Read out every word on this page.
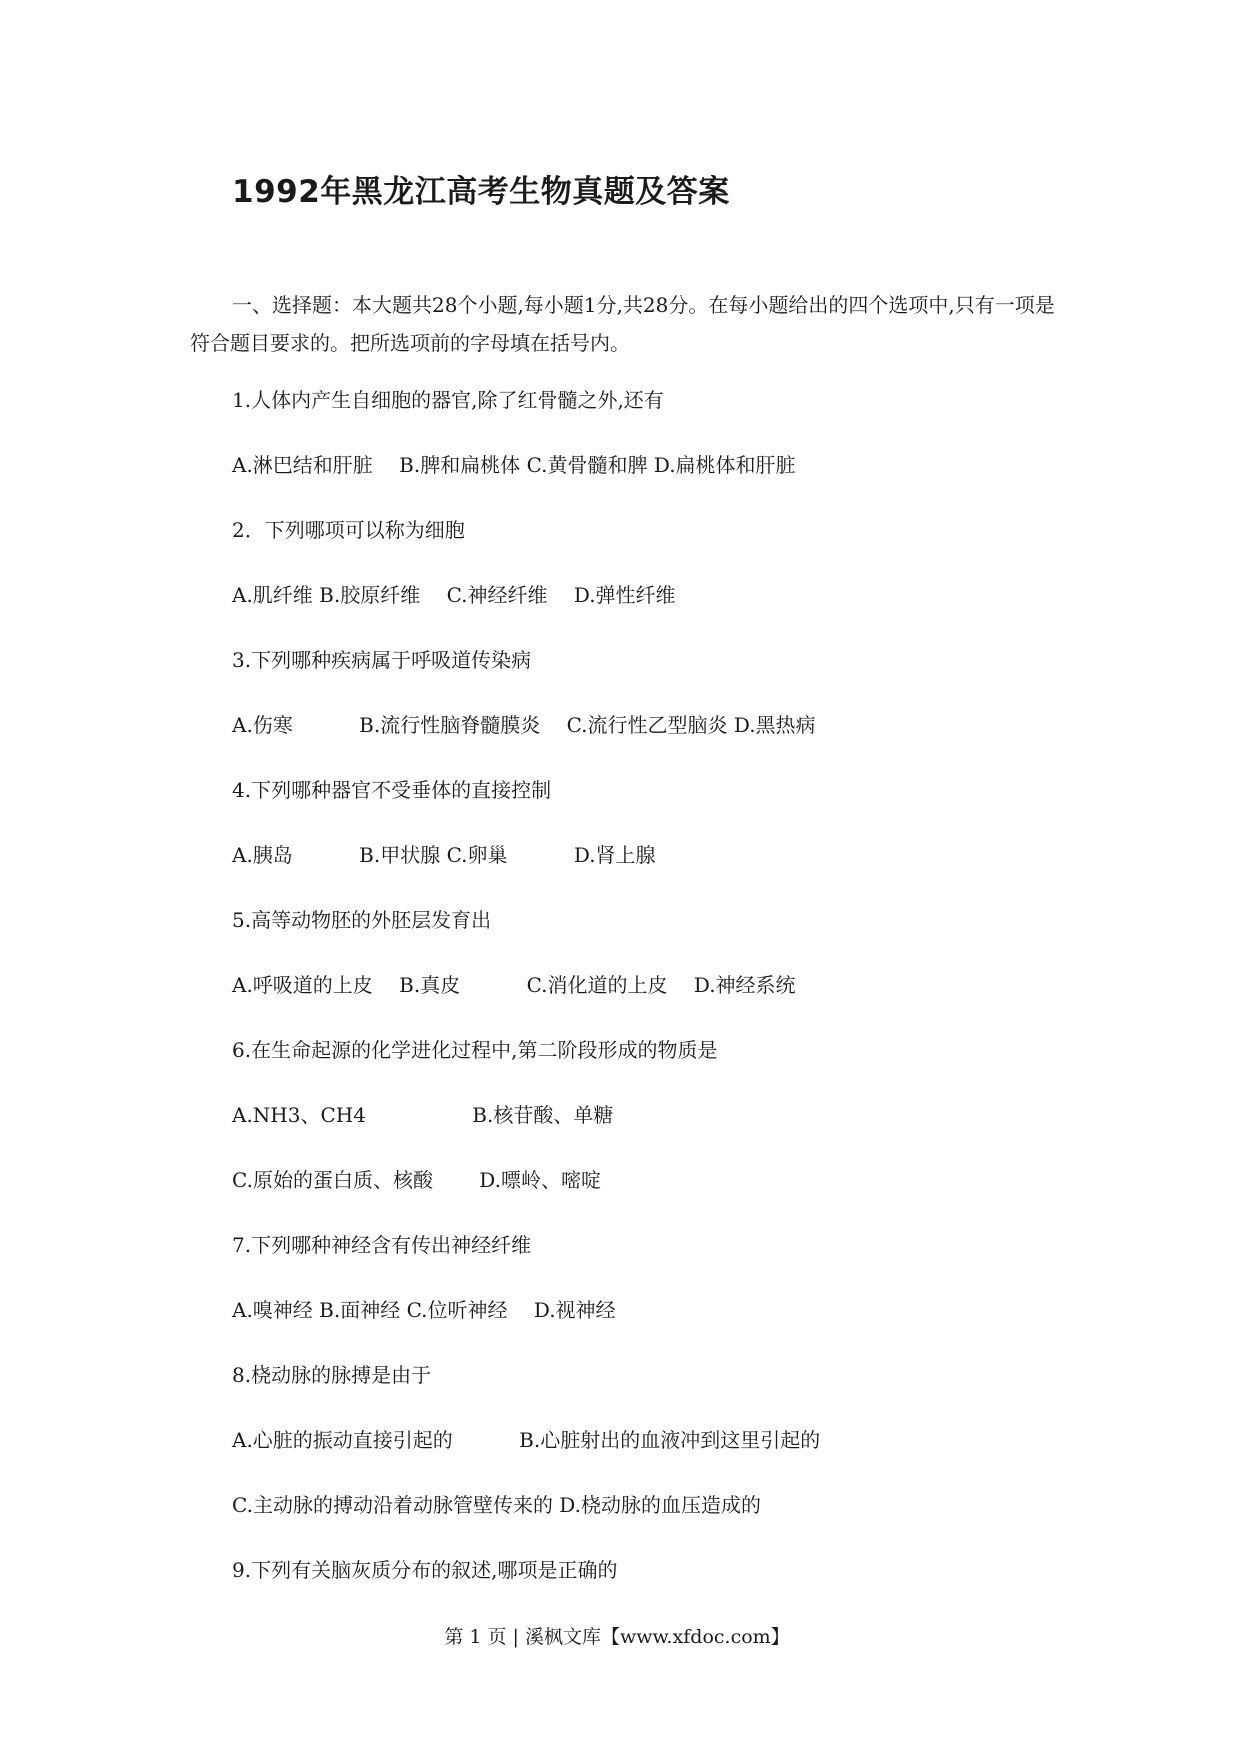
1992年黑龙江高考生物真题及答案
一、选择题：本大题共28个小题,每小题1分,共28分。在每小题给出的四个选项中,只有一项是符合题目要求的。把所选项前的字母填在括号内。
1.人体内产生自细胞的器官,除了红骨髓之外,还有
A.淋巴结和肝脏　 B.脾和扁桃体 C.黄骨髓和脾 D.扁桃体和肝脏
2．下列哪项可以称为细胞
A.肌纤维 B.胶原纤维　 C.神经纤维　 D.弹性纤维
3.下列哪种疾病属于呼吸道传染病
A.伤寒　　　 B.流行性脑脊髓膜炎　 C.流行性乙型脑炎 D.黑热病
4.下列哪种器官不受垂体的直接控制
A.胰岛　　　 B.甲状腺 C.卵巢　　　 D.肾上腺
5.高等动物胚的外胚层发育出
A.呼吸道的上皮　 B.真皮　　　 C.消化道的上皮　 D.神经系统
6.在生命起源的化学进化过程中,第二阶段形成的物质是
A.NH3、CH4　　　　　 B.核苷酸、单糖
C.原始的蛋白质、核酸　　 D.嘌岭、嘧啶
7.下列哪种神经含有传出神经纤维
A.嗅神经 B.面神经 C.位听神经　 D.视神经
8.桡动脉的脉搏是由于
A.心脏的振动直接引起的　　　 B.心脏射出的血液冲到这里引起的
C.主动脉的搏动沿着动脉管壁传来的 D.桡动脉的血压造成的
9.下列有关脑灰质分布的叙述,哪项是正确的
第 1 页 | 溪枫文库【www.xfdoc.com】
